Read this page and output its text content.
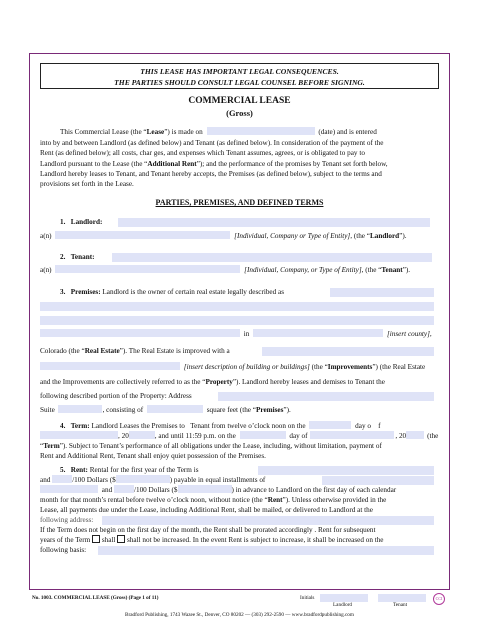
THIS LEASE HAS IMPORTANT LEGAL CONSEQUENCES.
THE PARTIES SHOULD CONSULT LEGAL COUNSEL BEFORE SIGNING.
COMMERCIAL LEASE
(Gross)
This Commercial Lease (the “Lease”) is made on	(date) and is entered
into by and between Landlord (as defined below) and Tenant (as defined below). In consideration of the payment of the
Rent (as defined below); all costs, char ges, and expenses which Tenant assumes, agrees, or is obligated to pay to
Landlord pursuant to the Lease (the “Additional Rent”); and the performance of the promises by Tenant set forth below,
Landlord hereby leases to Tenant, and Tenant hereby accepts, the Premises (as defined below), subject to the terms and
provisions set forth in the Lease.
PARTIES, PREMISES, AND DEFINED TERMS
1. Landlord:
a(n)	[Individual, Company or Type of Entity], (the “Landlord”).
2. Tenant:
a(n)	[Individual, Company, or Type of Entity], (the “Tenant”).
3. Premises: Landlord is the owner of certain real estate legally described as
in	[insert county],
Colorado (the “Real Estate”). The Real Estate is improved with a
[insert description of building or buildings] (the “Improvements”) (the Real Estate
and the Improvements are collectively referred to as the “Property”). Landlord hereby leases and demises to Tenant the
following described portion of the Property: Address
Suite	, consisting of	square feet (the “Premises”).
4. Term: Landlord Leases the Premises to Tenant from twelve o’clock noon on the	day o f
, 20	, and until 11:59 p.m. on the	day of	, 20	(the
“Term”). Subject to Tenant’s performance of all obligations under the Lease, including, without limitation, payment of
Rent and Additional Rent, Tenant shall enjoy quiet possession of the Premises.
5. Rent: Rental for the first year of the Term is
and	/100 Dollars ($	) payable in equal installments of
and	/100 Dollars ($	) in advance to Landlord on the first day of each calendar
month for that month’s rental before twelve o’clock noon, without notice (the “Rent”). Unless otherwise provided in the
Lease, all payments due under the Lease, including Additional Rent, shall be mailed, or delivered to Landlord at the
following address:
If the Term does not begin on the first day of the month, the Rent shall be prorated accordingly . Rent for subsequent
years of the Term shall shall not be increased. In the event Rent is subject to increase, it shall be increased on the
following basis:
No. 1003. COMMERCIAL LEASE (Gross) (Page 1 of 11)	Initials
Landlord	Tenant
CCI
Bradford Publishing, 1743 Wazee St., Denver, CO 80202 — (303) 292-2590 — www.bradfordpublishing.com
